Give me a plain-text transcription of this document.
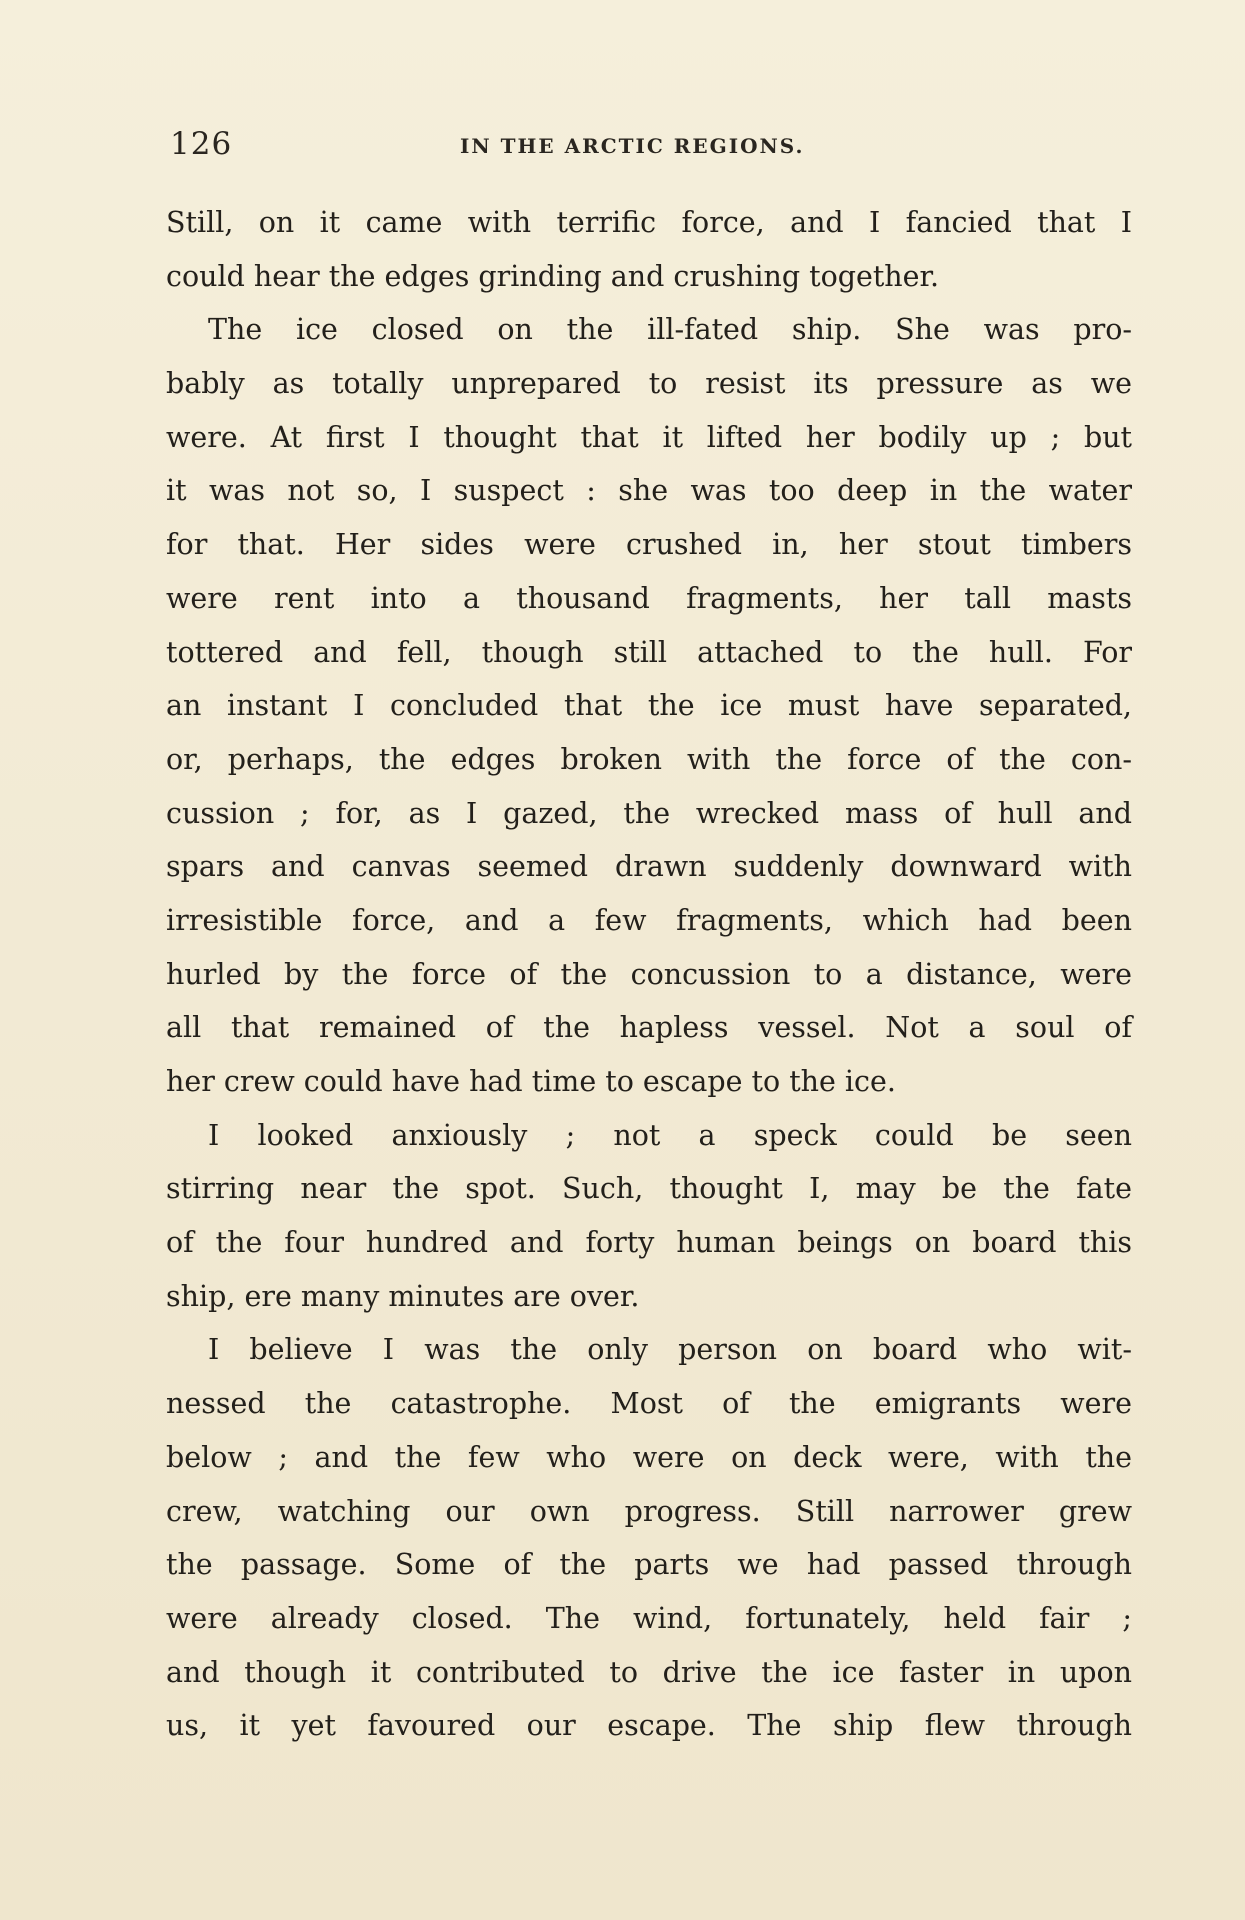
126	IN THE ARCTIC REGIONS.
Still, on it came with terrific force, and I fancied that I
could hear the edges grinding and crushing together.
The ice closed on the ill-fated ship. She was pro-
bably as totally unprepared to resist its pressure as we
were. At first I thought that it lifted her bodily up ; but
it was not so, I suspect : she was too deep in the water
for that. Her sides were crushed in, her stout timbers
were rent into a thousand fragments, her tall masts
tottered and fell, though still attached to the hull. For
an instant I concluded that the ice must have separated,
or, perhaps, the edges broken with the force of the con-
cussion ; for, as I gazed, the wrecked mass of hull and
spars and canvas seemed drawn suddenly downward with
irresistible force, and a few fragments, which had been
hurled by the force of the concussion to a distance, were
all that remained of the hapless vessel. Not a soul of
her crew could have had time to escape to the ice.
I looked anxiously ; not a speck could be seen
stirring near the spot. Such, thought I, may be the fate
of the four hundred and forty human beings on board this
ship, ere many minutes are over.
I believe I was the only person on board who wit-
nessed the catastrophe. Most of the emigrants were
below ; and the few who were on deck were, with the
crew, watching our own progress. Still narrower grew
the passage. Some of the parts we had passed through
were already closed. The wind, fortunately, held fair ;
and though it contributed to drive the ice faster in upon
us, it yet favoured our escape. The ship flew through
